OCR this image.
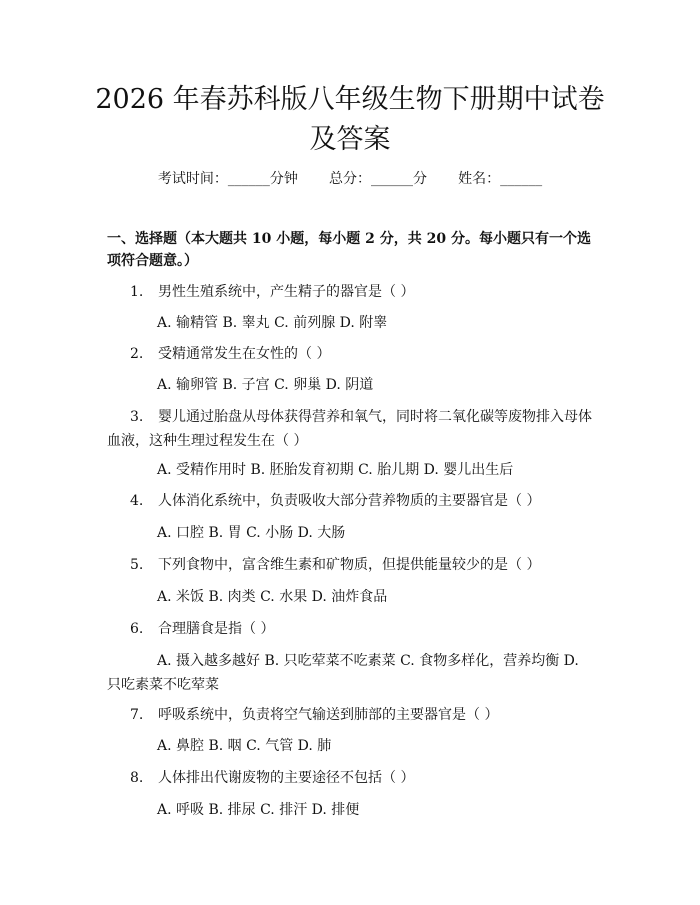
2026 年春苏科版八年级生物下册期中试卷及答案
考试时间：______分钟 总分：______分 姓名：______
一、选择题（本大题共 10 小题，每小题 2 分，共 20 分。每小题只有一个选项符合题意。）
1. 男性生殖系统中，产生精子的器官是（ ）
A. 输精管 B. 睾丸 C. 前列腺 D. 附睾
2. 受精通常发生在女性的（ ）
A. 输卵管 B. 子宫 C. 卵巢 D. 阴道
3. 婴儿通过胎盘从母体获得营养和氧气，同时将二氧化碳等废物排入母体血液，这种生理过程发生在（ ）
A. 受精作用时 B. 胚胎发育初期 C. 胎儿期 D. 婴儿出生后
4. 人体消化系统中，负责吸收大部分营养物质的主要器官是（ ）
A. 口腔 B. 胃 C. 小肠 D. 大肠
5. 下列食物中，富含维生素和矿物质，但提供能量较少的是（ ）
A. 米饭 B. 肉类 C. 水果 D. 油炸食品
6. 合理膳食是指（ ）
A. 摄入越多越好 B. 只吃荤菜不吃素菜 C. 食物多样化，营养均衡 D. 只吃素菜不吃荤菜
7. 呼吸系统中，负责将空气输送到肺部的主要器官是（ ）
A. 鼻腔 B. 咽 C. 气管 D. 肺
8. 人体排出代谢废物的主要途径不包括（ ）
A. 呼吸 B. 排尿 C. 排汗 D. 排便
